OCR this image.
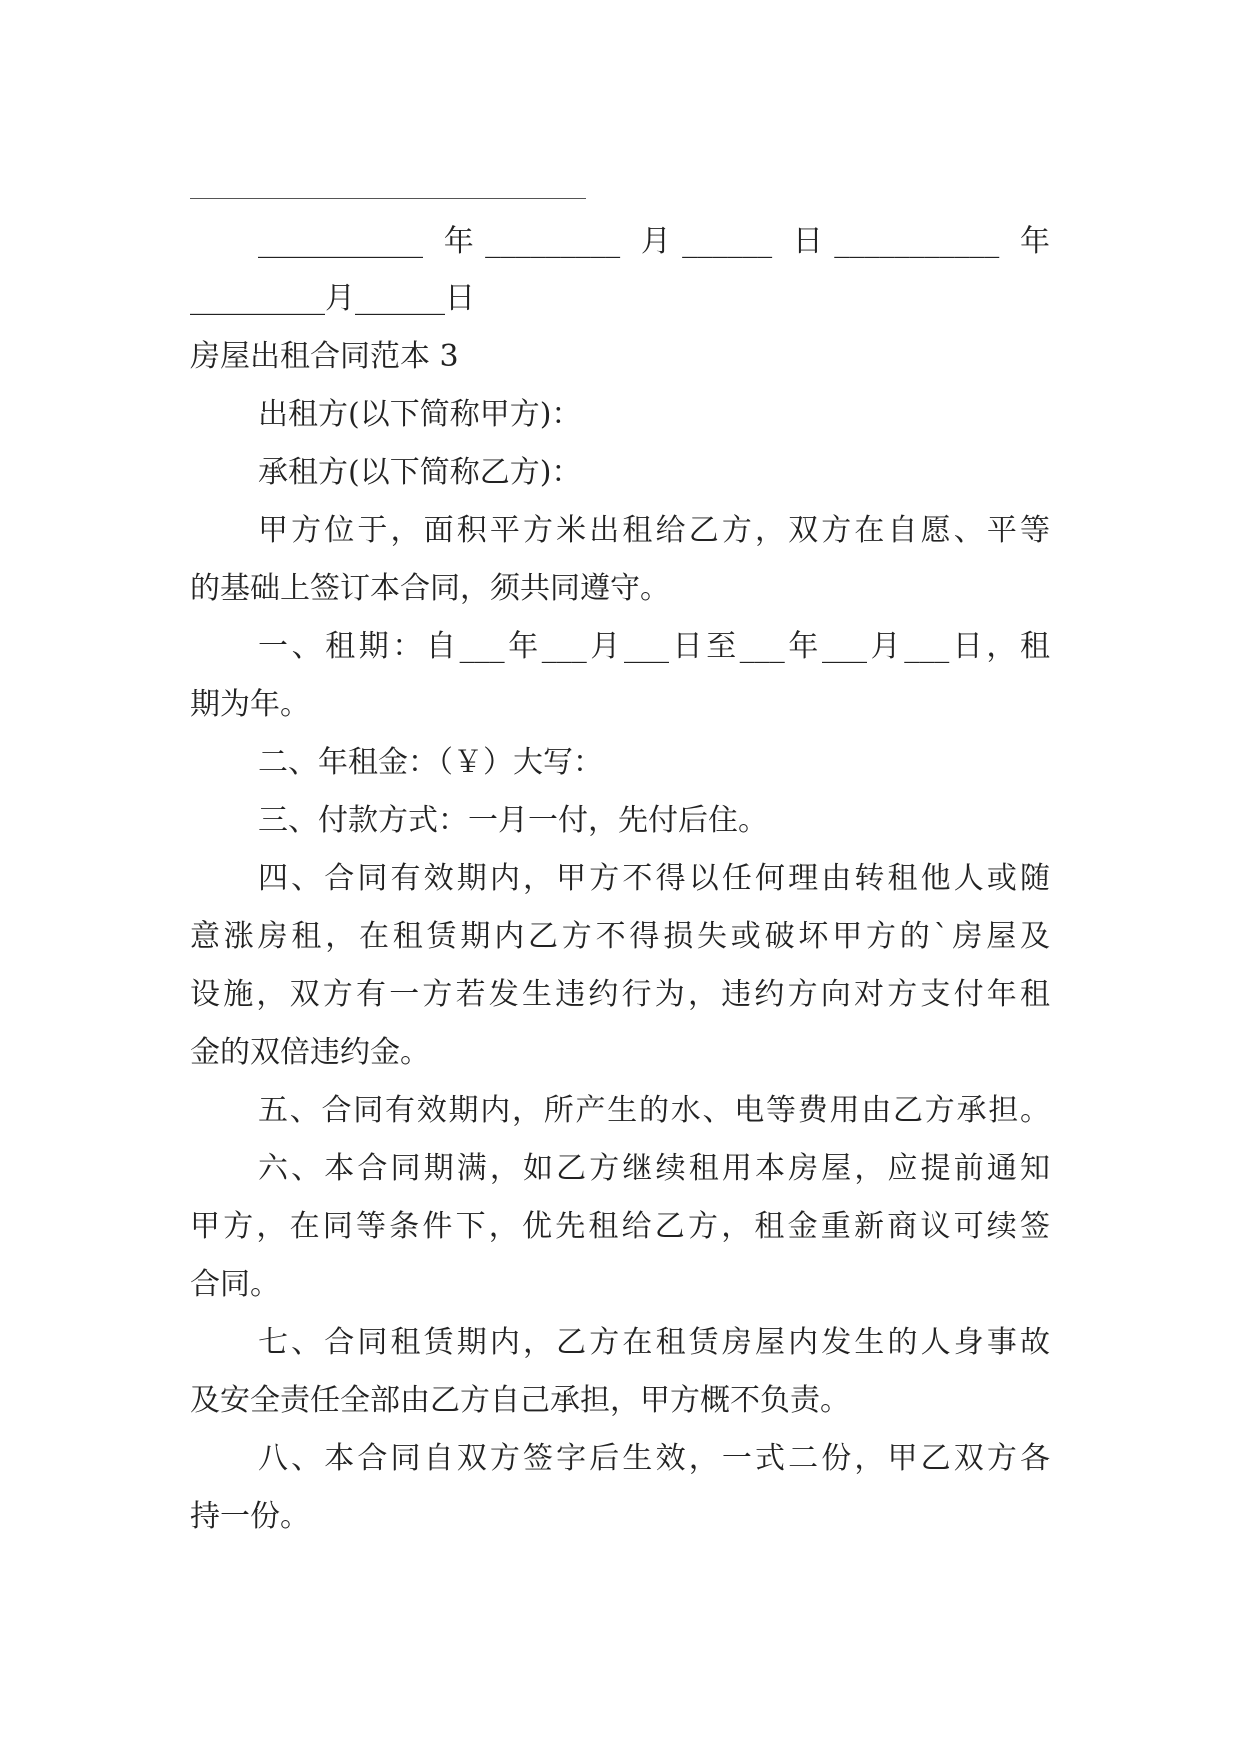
___________ 年_________ 月______ 日___________ 年
_________月______日
房屋出租合同范本 3
出租方(以下简称甲方)：
承租方(以下简称乙方)：
甲方位于，面积平方米出租给乙方，双方在自愿、平等
的基础上签订本合同，须共同遵守。
一、租期：自___年___月___日至___年___月___日，租
期为年。
二、年租金：（￥）大写：
三、付款方式：一月一付，先付后住。
四、合同有效期内，甲方不得以任何理由转租他人或随
意涨房租，在租赁期内乙方不得损失或破坏甲方的`房屋及
设施，双方有一方若发生违约行为，违约方向对方支付年租
金的双倍违约金。
五、合同有效期内，所产生的水、电等费用由乙方承担。
六、本合同期满，如乙方继续租用本房屋，应提前通知
甲方，在同等条件下，优先租给乙方，租金重新商议可续签
合同。
七、合同租赁期内，乙方在租赁房屋内发生的人身事故
及安全责任全部由乙方自己承担，甲方概不负责。
八、本合同自双方签字后生效，一式二份，甲乙双方各
持一份。
